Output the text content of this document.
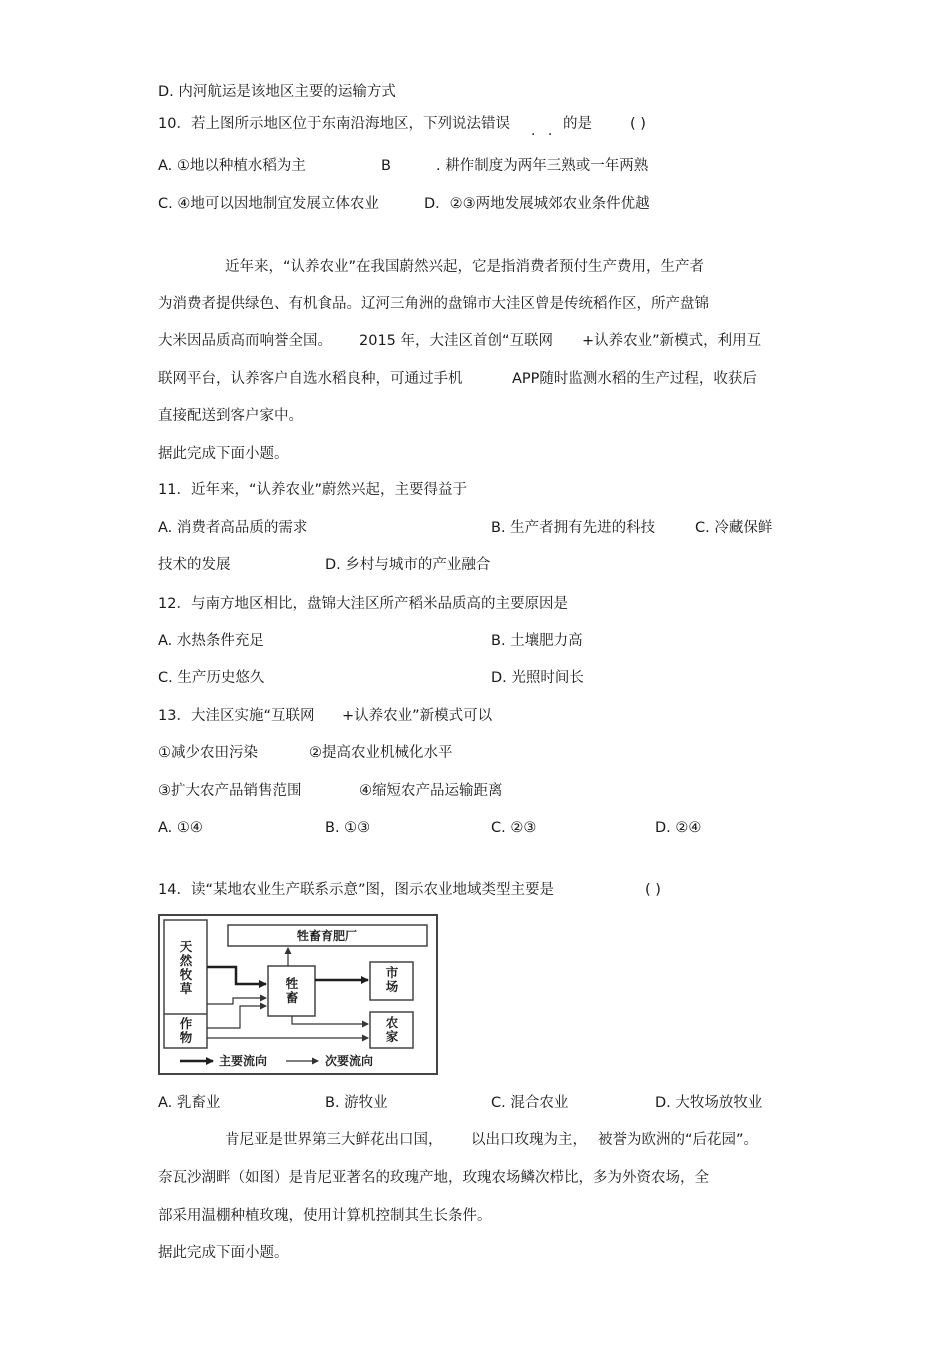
D. 内河航运是该地区主要的运输方式
10．若上图所示地区位于东南沿海地区，下列说法错误 . . 的是	( )
A. ①地以种植水稻为主	B	. 耕作制度为两年三熟或一年两熟
C. ④地可以因地制宜发展立体农业	D．②③两地发展城郊农业条件优越
近年来，“认养农业”在我国蔚然兴起，它是指消费者预付生产费用，生产者
为消费者提供绿色、有机食品。辽河三角洲的盘锦市大洼区曾是传统稻作区，所产盘锦
大米因品质高而响誉全国。 2015 年，大洼区首创“互联网 +认养农业”新模式，利用互
联网平台，认养客户自选水稻良种，可通过手机	APP随时监测水稻的生产过程，收获后
直接配送到客户家中。
据此完成下面小题。
11．近年来，“认养农业”蔚然兴起，主要得益于
A. 消费者高品质的需求	B. 生产者拥有先进的科技	C. 冷藏保鲜
技术的发展	D. 乡村与城市的产业融合
12．与南方地区相比，盘锦大洼区所产稻米品质高的主要原因是
A. 水热条件充足	B. 土壤肥力高
C. 生产历史悠久	D. 光照时间长
13．大洼区实施“互联网 +认养农业”新模式可以
①减少农田污染	②提高农业机械化水平
③扩大农产品销售范围	④缩短农产品运输距离
A. ①④	B. ①③	C. ②③	D. ②④
14．读“某地农业生产联系示意”图，图示农业地域类型主要是	( )
牲畜育肥厂
主要流向	次要流向
天然牧草
作物
牲畜
市场
农家
A. 乳畜业	B. 游牧业	C. 混合农业	D. 大牧场放牧业
肯尼亚是世界第三大鲜花出口国， 以出口玫瑰为主， 被誉为欧洲的“后花园”。
奈瓦沙湖畔（如图）是肯尼亚著名的玫瑰产地，玫瑰农场鳞次栉比，多为外资农场，全
部采用温棚种植玫瑰，使用计算机控制其生长条件。
据此完成下面小题。
